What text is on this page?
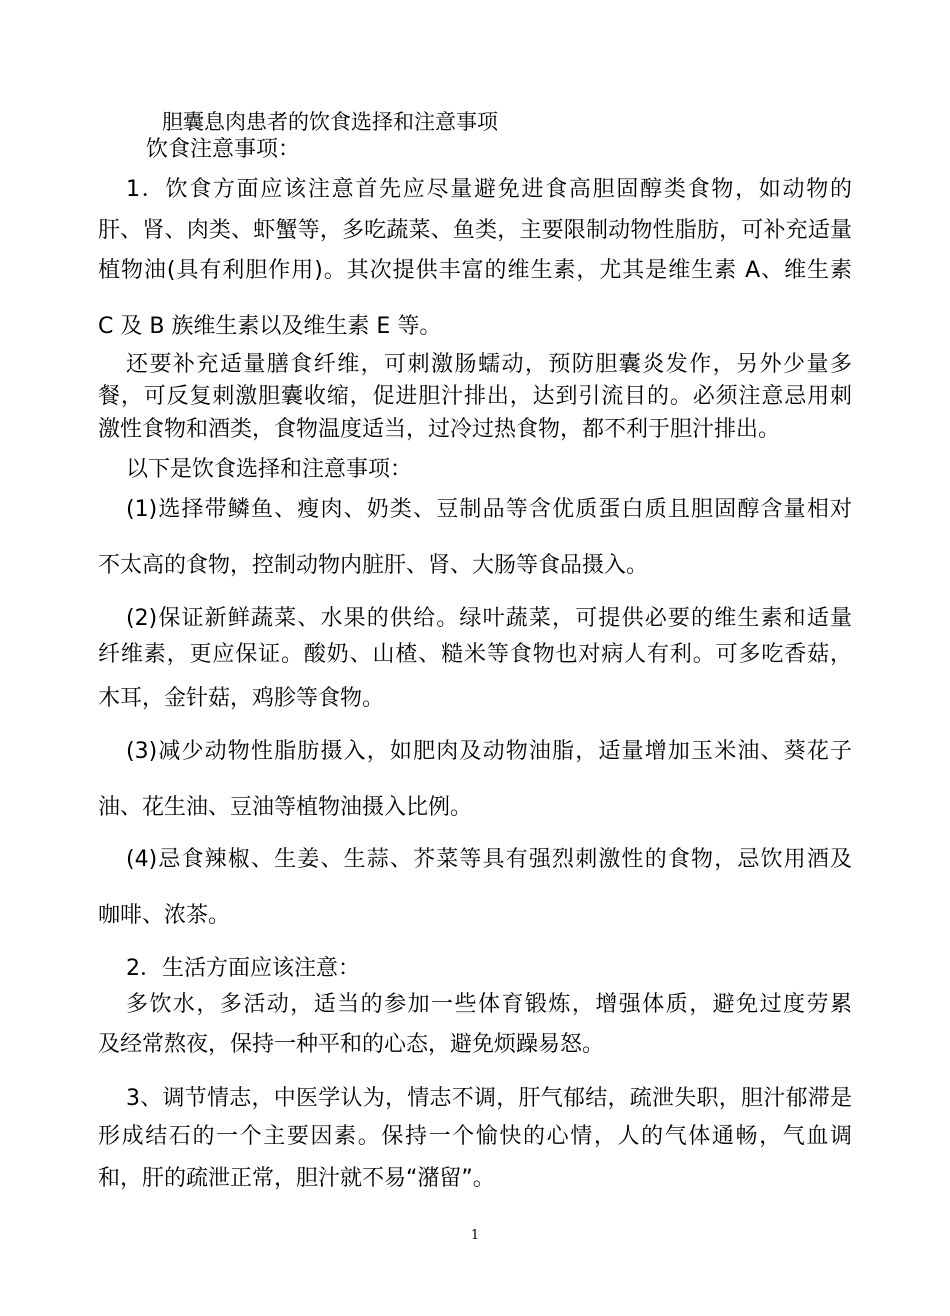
胆囊息肉患者的饮食选择和注意事项
饮食注意事项：
1．饮食方面应该注意首先应尽量避免进食高胆固醇类食物，如动物的
肝、肾、肉类、虾蟹等，多吃蔬菜、鱼类，主要限制动物性脂肪，可补充适量
植物油(具有利胆作用)。其次提供丰富的维生素，尤其是维生素 A、维生素
C 及 B 族维生素以及维生素 E 等。
还要补充适量膳食纤维，可刺激肠蠕动，预防胆囊炎发作，另外少量多
餐，可反复刺激胆囊收缩，促进胆汁排出，达到引流目的。必须注意忌用刺
激性食物和酒类，食物温度适当，过冷过热食物，都不利于胆汁排出。
以下是饮食选择和注意事项：
(1)选择带鳞鱼、瘦肉、奶类、豆制品等含优质蛋白质且胆固醇含量相对
不太高的食物，控制动物内脏肝、肾、大肠等食品摄入。
(2)保证新鲜蔬菜、水果的供给。绿叶蔬菜，可提供必要的维生素和适量
纤维素，更应保证。酸奶、山楂、糙米等食物也对病人有利。可多吃香菇，
木耳，金针菇，鸡胗等食物。
(3)减少动物性脂肪摄入，如肥肉及动物油脂，适量增加玉米油、葵花子
油、花生油、豆油等植物油摄入比例。
(4)忌食辣椒、生姜、生蒜、芥菜等具有强烈刺激性的食物，忌饮用酒及
咖啡、浓茶。
2．生活方面应该注意：
多饮水，多活动，适当的参加一些体育锻炼，增强体质，避免过度劳累
及经常熬夜，保持一种平和的心态，避免烦躁易怒。
3、调节情志，中医学认为，情志不调，肝气郁结，疏泄失职，胆汁郁滞是
形成结石的一个主要因素。保持一个愉快的心情，人的气体通畅，气血调
和，肝的疏泄正常，胆汁就不易“潴留”。
1
